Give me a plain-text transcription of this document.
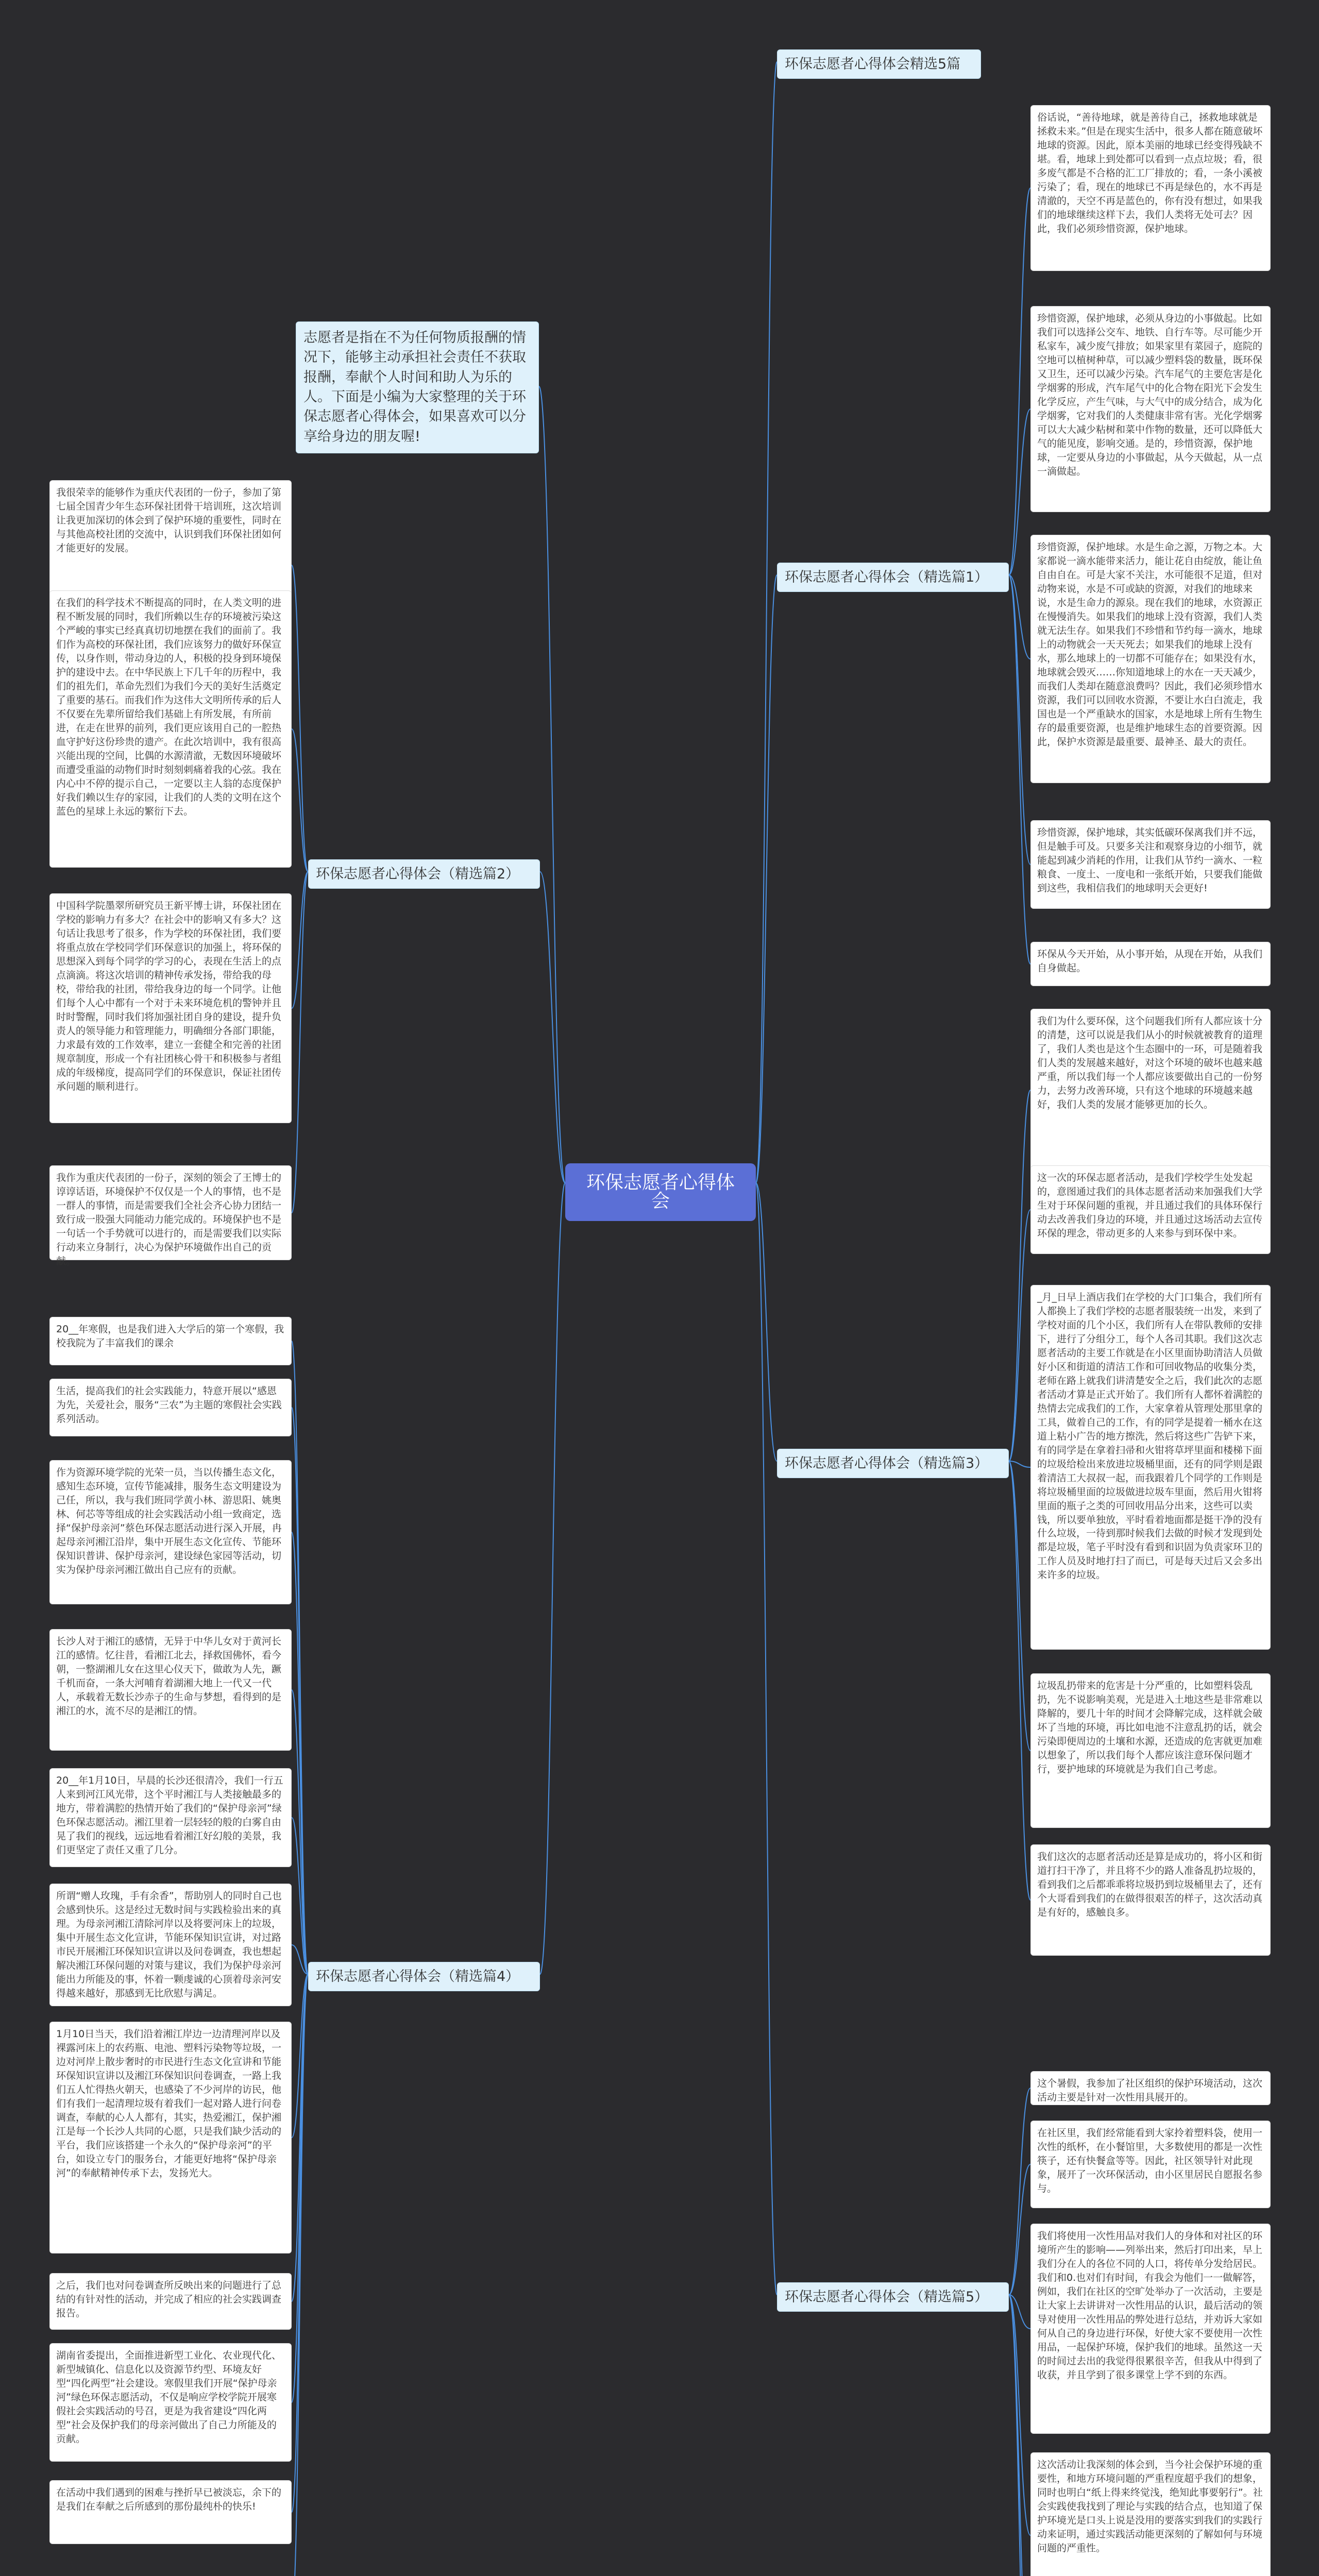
环保志愿者心得体会
志愿者是指在不为任何物质报酬的情况下，能够主动承担社会责任不获取报酬，奉献个人时间和助人为乐的人。下面是小编为大家整理的关于环保志愿者心得体会，如果喜欢可以分享给身边的朋友喔!
环保志愿者心得体会精选5篇
环保志愿者心得体会（精选篇1）
俗话说，“善待地球，就是善待自己，拯救地球就是拯救未来。”但是在现实生活中，很多人都在随意破坏地球的资源。因此，原本美丽的地球已经变得残缺不堪。看，地球上到处都可以看到一点点垃圾；看，很多废气都是不合格的汇工厂排放的；看，一条小溪被污染了；看，现在的地球已不再是绿色的，水不再是清澈的，天空不再是蓝色的，你有没有想过，如果我们的地球继续这样下去，我们人类将无处可去？因此，我们必须珍惜资源，保护地球。
珍惜资源，保护地球，必须从身边的小事做起。比如我们可以选择公交车、地铁、自行车等。尽可能少开私家车，减少废气排放；如果家里有菜园子，庭院的空地可以植树种草，可以减少塑料袋的数量，既环保又卫生，还可以减少污染。汽车尾气的主要危害是化学烟雾的形成，汽车尾气中的化合物在阳光下会发生化学反应，产生气味，与大气中的成分结合，成为化学烟雾，它对我们的人类健康非常有害。光化学烟雾可以大大减少粘树和菜中作物的数量，还可以降低大气的能见度，影响交通。是的，珍惜资源，保护地球，一定要从身边的小事做起，从今天做起，从一点一滴做起。
珍惜资源，保护地球。水是生命之源，万物之本。大家都说一滴水能带来活力，能让花自由绽放，能让鱼自由自在。可是大家不关注，水可能很不足道，但对动物来说，水是不可或缺的资源，对我们的地球来说，水是生命力的源泉。现在我们的地球，水资源正在慢慢消失。如果我们的地球上没有资源，我们人类就无法生存。如果我们不珍惜和节约每一滴水，地球上的动物就会一天天死去；如果我们的地球上没有水，那么地球上的一切都不可能存在；如果没有水，地球就会毁灭……你知道地球上的水在一天天减少，而我们人类却在随意浪费吗？因此，我们必须珍惜水资源，我们可以回收水资源，不要让水白白流走，我国也是一个严重缺水的国家，水是地球上所有生物生存的最重要资源，也是维护地球生态的首要资源。因此，保护水资源是最重要、最神圣、最大的责任。
珍惜资源，保护地球，其实低碳环保离我们并不远，但是触手可及。只要多关注和观察身边的小细节，就能起到减少消耗的作用，让我们从节约一滴水、一粒粮食、一度土、一度电和一张纸开始，只要我们能做到这些，我相信我们的地球明天会更好!
环保从今天开始，从小事开始，从现在开始，从我们自身做起。
环保志愿者心得体会（精选篇2）
我很荣幸的能够作为重庆代表团的一份子，参加了第七届全国青少年生态环保社团骨干培训班，这次培训让我更加深切的体会到了保护环境的重要性，同时在与其他高校社团的交流中，认识到我们环保社团如何才能更好的发展。
在我们的科学技术不断提高的同时，在人类文明的进程不断发展的同时，我们所赖以生存的环境被污染这个严峻的事实已经真真切切地摆在我们的面前了。我们作为高校的环保社团，我们应该努力的做好环保宣传，以身作则，带动身边的人，积极的投身到环境保护的建设中去。在中华民族上下几千年的历程中，我们的祖先们，革命先烈们为我们今天的美好生活奠定了重要的基石。而我们作为这伟大文明所传承的后人不仅要在先辈所留给我们基础上有所发展，有所前进，在走在世界的前列，我们更应该用自己的一腔热血守护好这份珍贵的遗产。在此次培训中，我有很高兴能出现的空间，比偶的水源清澈，无数因环境破坏而遭受重溢的动物们时时刻刻刺痛着我的心弦。我在内心中不停的提示自己，一定要以主人翁的态度保护好我们赖以生存的家园，让我们的人类的文明在这个蓝色的星球上永远的繁衍下去。
中国科学院墨翠所研究员王新平博士讲，环保社团在学校的影响力有多大？在社会中的影响又有多大？这句话让我思考了很多，作为学校的环保社团，我们要将重点放在学校同学们环保意识的加强上，将环保的思想深入到每个同学的学习的心，表现在生活上的点点滴滴。将这次培训的精神传承发扬，带给我的母校，带给我的社团，带给我身边的每一个同学。让他们每个人心中都有一个对于未来环境危机的警钟并且时时警醒，同时我们将加强社团自身的建设，提升负责人的领导能力和管理能力，明确细分各部门职能，力求最有效的工作效率，建立一套健全和完善的社团规章制度，形成一个有社团核心骨干和积极参与者组成的年级梯度，提高同学们的环保意识，保证社团传承问题的顺利进行。
我作为重庆代表团的一份子，深刻的领会了王博士的谆谆话语，环境保护不仅仅是一个人的事情，也不是一群人的事情，而是需要我们全社会齐心协力团结一致行成一股强大同能动力能完成的。环境保护也不是一句话一个手势就可以进行的，而是需要我们以实际行动来立身制行，决心为保护环境做作出自己的贡献。
环保志愿者心得体会（精选篇3）
我们为什么要环保，这个问题我们所有人都应该十分的清楚，这可以说是我们从小的时候就被教育的道理了，我们人类也是这个生态圈中的一环，可是随着我们人类的发展越来越好，对这个环境的破坏也越来越严重，所以我们每一个人都应该要做出自己的一份努力，去努力改善环境，只有这个地球的环境越来越好，我们人类的发展才能够更加的长久。
这一次的环保志愿者活动，是我们学校学生处发起的，意图通过我们的具体志愿者活动来加强我们大学生对于环保问题的重视，并且通过我们的具体环保行动去改善我们身边的环境，并且通过这场活动去宣传环保的理念，带动更多的人来参与到环保中来。
_月_日早上酒店我们在学校的大门口集合，我们所有人都换上了我们学校的志愿者服装统一出发，来到了学校对面的几个小区，我们所有人在带队教师的安排下，进行了分组分工，每个人各司其职。我们这次志愿者活动的主要工作就是在小区里面协助清洁人员做好小区和街道的清洁工作和可回收物品的收集分类，老师在路上就我们讲清楚安全之后，我们此次的志愿者活动才算是正式开始了。我们所有人都怀着满腔的热情去完成我们的工作，大家拿着从管理处那里拿的工具，做着自己的工作，有的同学是提着一桶水在这道上粘小广告的地方擦洗，然后将这些广告铲下来，有的同学是在拿着扫帚和火钳将草坪里面和楼梯下面的垃圾给检出来放进垃圾桶里面，还有的同学则是跟着清洁工大叔叔一起，而我跟着几个同学的工作则是将垃圾桶里面的垃圾做进垃圾车里面，然后用火钳将里面的瓶子之类的可回收用品分出来，这些可以卖钱，所以要单独放，平时看着地面都是挺干净的没有什么垃圾，一待到那时候我们去做的时候才发现到处都是垃圾，笔子平时没有看到和识固为负责家环卫的工作人员及时地打扫了而已，可是每天过后又会多出来许多的垃圾。
垃圾乱扔带来的危害是十分严重的，比如塑料袋乱扔，先不说影响美观，光是进入土地这些是非常难以降解的，要几十年的时间才会降解完成，这样就会破坏了当地的环境，再比如电池不注意乱扔的话，就会污染即便周边的土壤和水源，还造成的危害就更加难以想象了，所以我们每个人都应该注意环保问题才行，要护地球的环境就是为我们自己考虑。
我们这次的志愿者活动还是算是成功的，将小区和街道打扫干净了，并且将不少的路人准备乱扔垃圾的，看到我们之后都乖乖将垃圾扔到垃圾桶里去了，还有个大哥看到我们的在做得很艰苦的样子，这次活动真是有好的，感触良多。
环保志愿者心得体会（精选篇4）
20__年寒假，也是我们进入大学后的第一个寒假，我校我院为了丰富我们的课余
生活，提高我们的社会实践能力，特意开展以“感恩为先，关爱社会，服务“三农”为主题的寒假社会实践系列活动。
作为资源环境学院的光荣一员，当以传播生态文化，感知生态环境，宣传节能减排，服务生态文明建设为己任，所以，我与我们班同学黄小林、游思阳、姚奥林、何芯等等组成的社会实践活动小组一致商定，选择“保护母亲河”蔡色环保志愿活动进行深入开展，冉起母亲河湘江沿岸，集中开展生态文化宣传、节能环保知识普讲、保护母亲河，建设绿色家园等活动，切实为保护母亲河湘江做出自己应有的贡献。
长沙人对于湘江的感情，无异于中华儿女对于黄河长江的感情。忆往昔，看湘江北去，择救国佛怀，看今朝，一整湖湘儿女在这里心仪天下，做敢为人先，蹶千机而奋，一条大河哺育着湖湘大地上一代又一代人，承载着无数长沙赤子的生命与梦想，看得到的是湘江的水，流不尽的是湘江的情。
20__年1月10日，早晨的长沙还很清冷，我们一行五人来到河江风光带，这个平时湘江与人类接触最多的地方，带着满腔的热情开始了我们的“保护母亲河”绿色环保志愿活动。湘江里着一层轻轻的般的白雾自由晃了我们的视线，远远地看着湘江好幻般的美景，我们更坚定了责任又重了几分。
所谓“赠人玫瑰，手有余香”，帮助别人的同时自己也会感到快乐。这是经过无数时间与实践检验出来的真理。为母亲河湘江清除河岸以及将要河床上的垃圾，集中开展生态文化宣讲，节能环保知识宣讲，对过路市民开展湘江环保知识宣讲以及问卷调查，我也想起解决湘江环保问题的对策与建议，我们为保护母亲河能出力所能及的事，怀着一颗虔诚的心顶着母亲河安得越来越好，那感到无比欣慰与满足。
1月10日当天，我们沿着湘江岸边一边清理河岸以及裸露河床上的农药瓶、电池、塑料污染物等垃圾，一边对河岸上散步奢时的市民进行生态文化宣讲和节能环保知识宣讲以及湘江环保知识问卷调查，一路上我们五人忙得热火朝天，也感染了不少河岸的访民，他们有我们一起清理垃圾有着我们一起对路人进行问卷调查，奉献的心人人都有，其实，热爱湘江，保护湘江是每一个长沙人共同的心愿，只是我们缺少活动的平台，我们应该搭建一个永久的“保护母亲河”的平台，如设立专门的服务台，才能更好地将“保护母亲河”的奉献精神传承下去，发扬光大。
之后，我们也对问卷调查所反映出来的问题进行了总结的有针对性的活动，并完成了相应的社会实践调查报告。
湖南省委提出，全面推进新型工业化、农业现代化、新型城镇化、信息化以及资源节约型、环境友好型“四化两型”社会建设。寒假里我们开展“保护母亲河”绿色环保志愿活动，不仅是响应学校学院开展寒假社会实践活动的号召，更是为我省建设“四化两型”社会及保护我们的母亲河做出了自己力所能及的贡献。
在活动中我们遇到的困难与挫折早已被淡忘，余下的是我们在奉献之后所感到的那份最纯朴的快乐!
环保志愿者心得体会（精选篇5）
这个暑假，我参加了社区组织的保护环境活动，这次活动主要是针对一次性用具展开的。
在社区里，我们经常能看到大家拎着塑料袋，使用一次性的纸杯，在小餐馆里，大多数使用的都是一次性筷子，还有快餐盒等等。因此，社区领导针对此现象，展开了一次环保活动，由小区里居民自愿报名参与。
我们将使用一次性用品对我们人的身体和对社区的环境所产生的影响——列举出来，然后打印出来，早上我们分在人的各位不同的人口，将传单分发给居民。我们和0.也对们有时间，有我会为他们一一做解答，例如，我们在社区的空旷处举办了一次活动，主要是让大家上去讲讲对一次性用品的认识，最后活动的领导对使用一次性用品的弊处进行总结，并劝诉大家如何从自己的身边进行环保，好使大家不要使用一次性用品，一起保护环境，保护我们的地球。虽然这一天的时间过去出的我觉得很累很辛苦，但我从中得到了收获，并且学到了很多课堂上学不到的东西。
这次活动让我深刻的体会到，当今社会保护环境的重要性，和地方环境问题的严重程度超乎我们的想象，同时也明白“纸上得来终觉浅，绝知此事要躬行”。社会实践使我找到了理论与实践的结合点，也知道了保护环境光是口头上说是没用的要落实到我们的实践行动来证明，通过实践活动能更深刻的了解如何与环境问题的严重性。
